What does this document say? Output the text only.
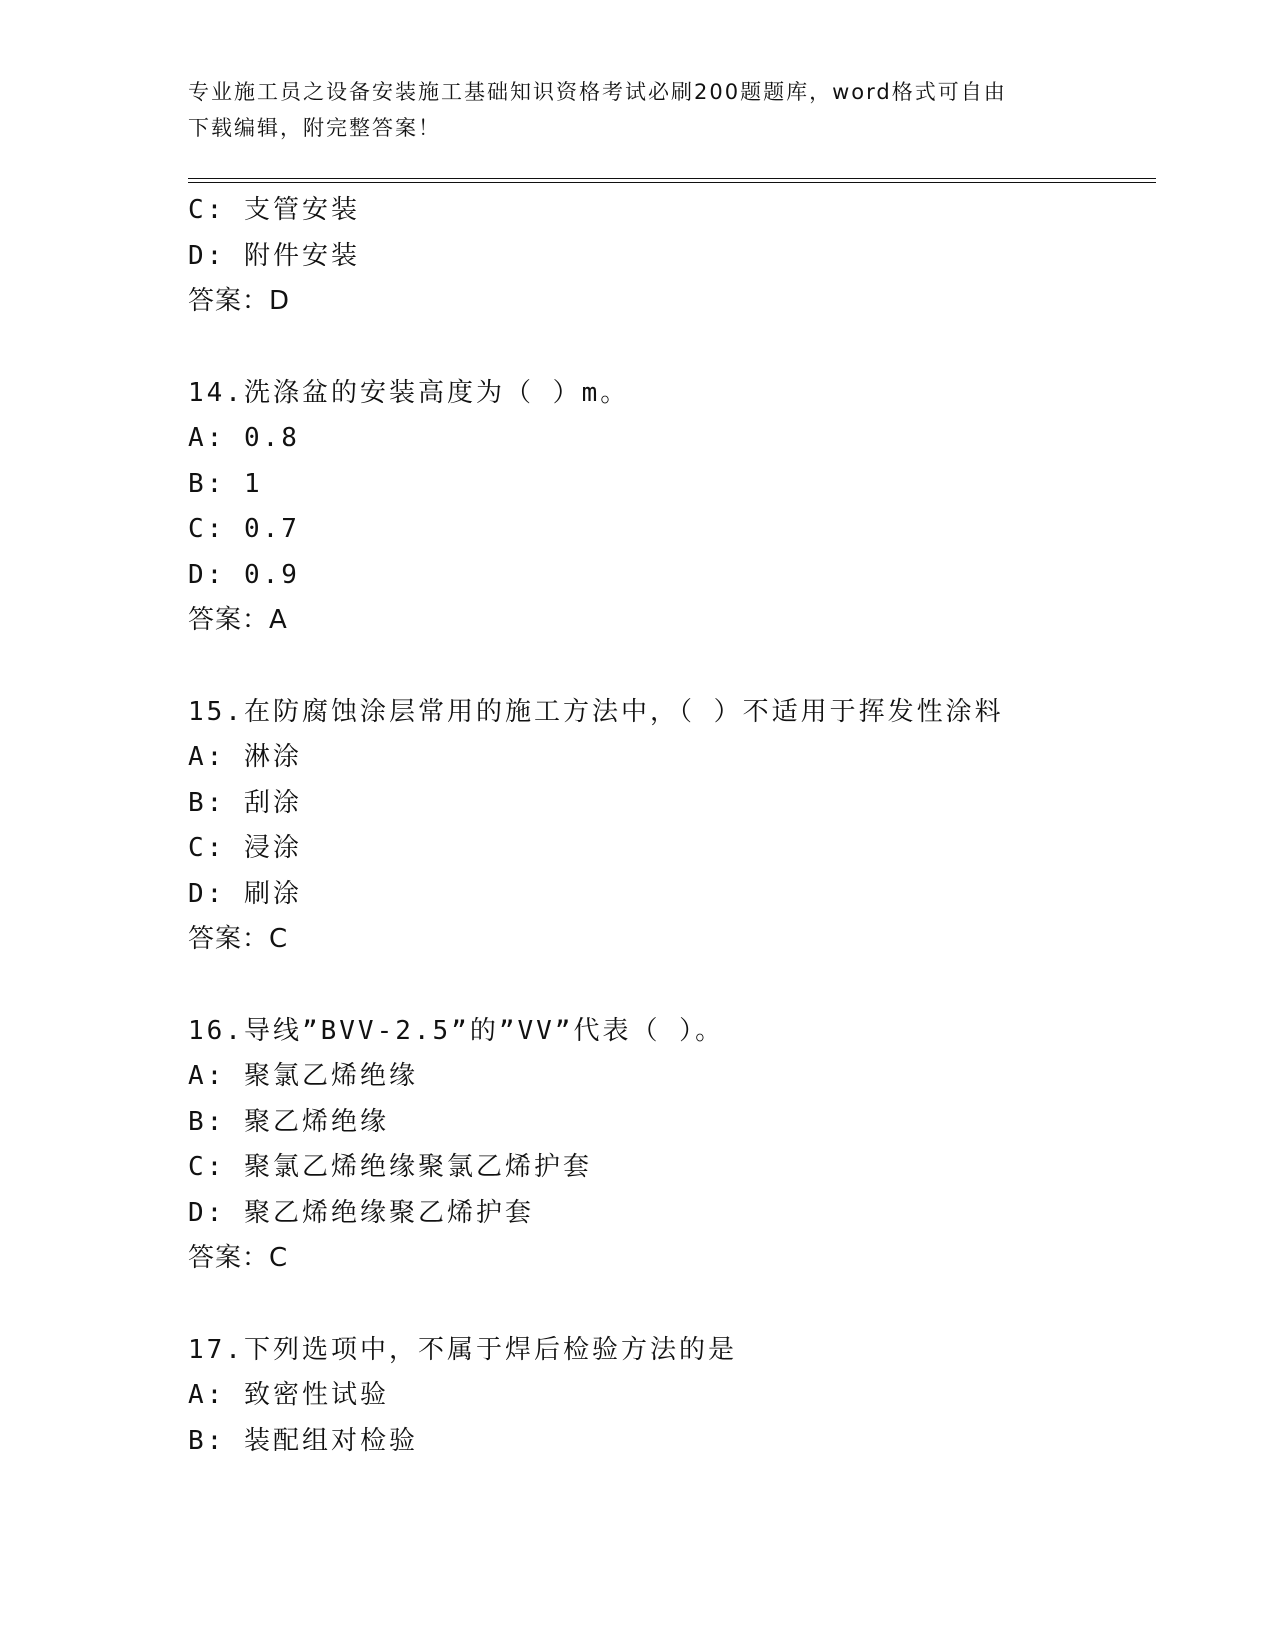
专业施工员之设备安装施工基础知识资格考试必刷200题题库，word格式可自由
下载编辑，附完整答案！
C: 支管安装
D: 附件安装
答案：D
14.洗涤盆的安装高度为（ ）m。
A: 0.8
B: 1
C: 0.7
D: 0.9
答案：A
15.在防腐蚀涂层常用的施工方法中，（ ）不适用于挥发性涂料
A: 淋涂
B: 刮涂
C: 浸涂
D: 刷涂
答案：C
16.导线”BVV-2.5”的”VV”代表（ ）。
A: 聚氯乙烯绝缘
B: 聚乙烯绝缘
C: 聚氯乙烯绝缘聚氯乙烯护套
D: 聚乙烯绝缘聚乙烯护套
答案：C
17.下列选项中，不属于焊后检验方法的是
A: 致密性试验
B: 装配组对检验
